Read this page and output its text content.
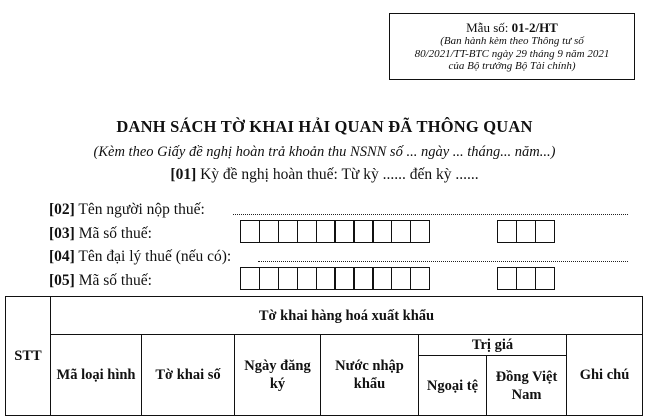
Mẫu số: 01-2/HT
(Ban hành kèm theo Thông tư số
80/2021/TT-BTC ngày 29 tháng 9 năm 2021
của Bộ trưởng Bộ Tài chính)
DANH SÁCH TỜ KHAI HẢI QUAN ĐÃ THÔNG QUAN
(Kèm theo Giấy đề nghị hoàn trả khoản thu NSNN số ... ngày ... tháng... năm...)
[01] Kỳ đề nghị hoàn thuế: Từ kỳ ...... đến kỳ ......
[02] Tên người nộp thuế:
[03] Mã số thuế:
[04] Tên đại lý thuế (nếu có):
[05] Mã số thuế:
STT	Tờ khai hàng hoá xuất khẩu						
	Mã loại hình	Tờ khai số	Ngày đăng ký	Nước nhập khẩu	Trị giá		Ghi chú
					Ngoại tệ	Đồng Việt Nam	
